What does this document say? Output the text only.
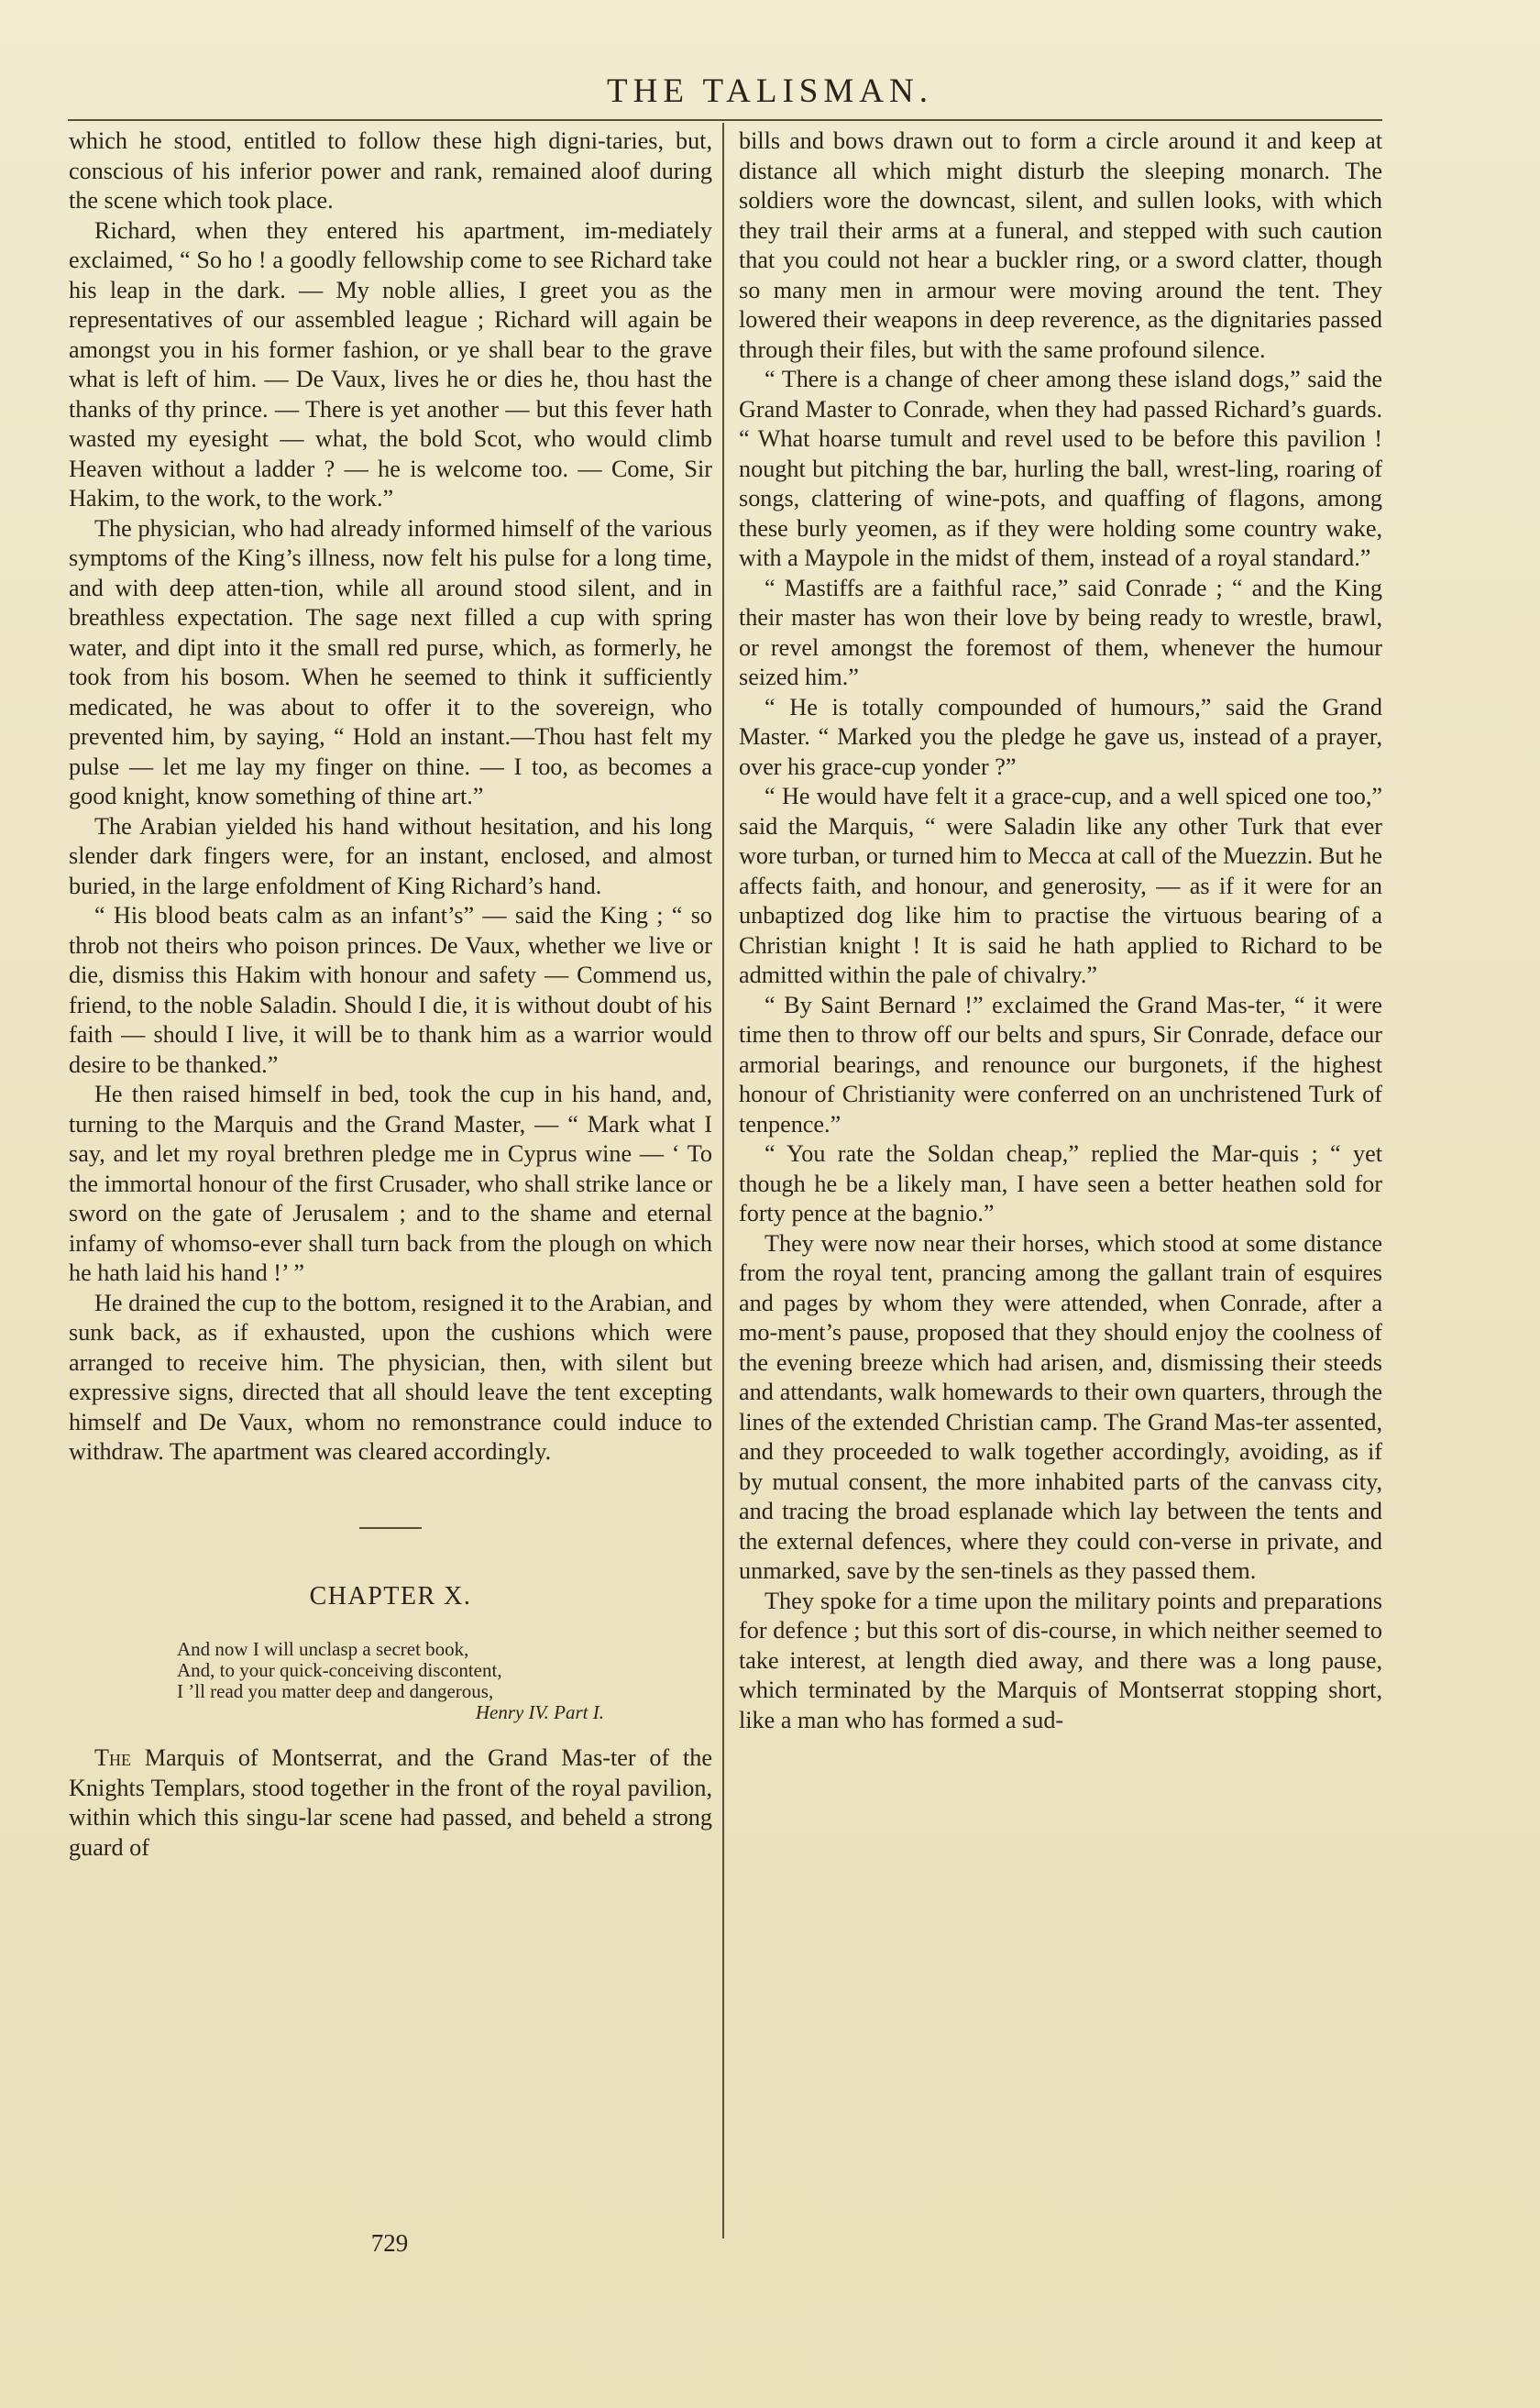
THE TALISMAN.

which he stood, entitled to follow these high digni-taries, but, conscious of his inferior power and rank, remained aloof during the scene which took place.

Richard, when they entered his apartment, im-mediately exclaimed, “ So ho ! a goodly fellowship come to see Richard take his leap in the dark. — My noble allies, I greet you as the representatives of our assembled league ; Richard will again be amongst you in his former fashion, or ye shall bear to the grave what is left of him. — De Vaux, lives he or dies he, thou hast the thanks of thy prince. — There is yet another — but this fever hath wasted my eyesight — what, the bold Scot, who would climb Heaven without a ladder ? — he is welcome too. — Come, Sir Hakim, to the work, to the work.”

The physician, who had already informed himself of the various symptoms of the King’s illness, now felt his pulse for a long time, and with deep atten-tion, while all around stood silent, and in breathless expectation. The sage next filled a cup with spring water, and dipt into it the small red purse, which, as formerly, he took from his bosom. When he seemed to think it sufficiently medicated, he was about to offer it to the sovereign, who prevented him, by saying, “ Hold an instant.—Thou hast felt my pulse — let me lay my finger on thine. — I too, as becomes a good knight, know something of thine art.”

The Arabian yielded his hand without hesitation, and his long slender dark fingers were, for an instant, enclosed, and almost buried, in the large enfoldment of King Richard’s hand.

“ His blood beats calm as an infant’s” — said the King ; “ so throb not theirs who poison princes. De Vaux, whether we live or die, dismiss this Hakim with honour and safety — Commend us, friend, to the noble Saladin. Should I die, it is without doubt of his faith — should I live, it will be to thank him as a warrior would desire to be thanked.”

He then raised himself in bed, took the cup in his hand, and, turning to the Marquis and the Grand Master, — “ Mark what I say, and let my royal brethren pledge me in Cyprus wine — ‘ To the immortal honour of the first Crusader, who shall strike lance or sword on the gate of Jerusalem ; and to the shame and eternal infamy of whomso-ever shall turn back from the plough on which he hath laid his hand !’ ”

He drained the cup to the bottom, resigned it to the Arabian, and sunk back, as if exhausted, upon the cushions which were arranged to receive him. The physician, then, with silent but expressive signs, directed that all should leave the tent excepting himself and De Vaux, whom no remonstrance could induce to withdraw. The apartment was cleared accordingly.

CHAPTER X.
And now I will unclasp a secret book,
And, to your quick-conceiving discontent,
I ’ll read you matter deep and dangerous,
Henry IV. Part I.

The Marquis of Montserrat, and the Grand Mas-ter of the Knights Templars, stood together in the front of the royal pavilion, within which this singu-lar scene had passed, and beheld a strong guard of

bills and bows drawn out to form a circle around it and keep at distance all which might disturb the sleeping monarch. The soldiers wore the downcast, silent, and sullen looks, with which they trail their arms at a funeral, and stepped with such caution that you could not hear a buckler ring, or a sword clatter, though so many men in armour were moving around the tent. They lowered their weapons in deep reverence, as the dignitaries passed through their files, but with the same profound silence.

“ There is a change of cheer among these island dogs,” said the Grand Master to Conrade, when they had passed Richard’s guards. “ What hoarse tumult and revel used to be before this pavilion ! nought but pitching the bar, hurling the ball, wrest-ling, roaring of songs, clattering of wine-pots, and quaffing of flagons, among these burly yeomen, as if they were holding some country wake, with a Maypole in the midst of them, instead of a royal standard.”

“ Mastiffs are a faithful race,” said Conrade ; “ and the King their master has won their love by being ready to wrestle, brawl, or revel amongst the foremost of them, whenever the humour seized him.”

“ He is totally compounded of humours,” said the Grand Master. “ Marked you the pledge he gave us, instead of a prayer, over his grace-cup yonder ?”

“ He would have felt it a grace-cup, and a well spiced one too,” said the Marquis, “ were Saladin like any other Turk that ever wore turban, or turned him to Mecca at call of the Muezzin. But he affects faith, and honour, and generosity, — as if it were for an unbaptized dog like him to practise the virtuous bearing of a Christian knight ! It is said he hath applied to Richard to be admitted within the pale of chivalry.”

“ By Saint Bernard !” exclaimed the Grand Mas-ter, “ it were time then to throw off our belts and spurs, Sir Conrade, deface our armorial bearings, and renounce our burgonets, if the highest honour of Christianity were conferred on an unchristened Turk of tenpence.”

“ You rate the Soldan cheap,” replied the Mar-quis ; “ yet though he be a likely man, I have seen a better heathen sold for forty pence at the bagnio.”

They were now near their horses, which stood at some distance from the royal tent, prancing among the gallant train of esquires and pages by whom they were attended, when Conrade, after a mo-ment’s pause, proposed that they should enjoy the coolness of the evening breeze which had arisen, and, dismissing their steeds and attendants, walk homewards to their own quarters, through the lines of the extended Christian camp. The Grand Mas-ter assented, and they proceeded to walk together accordingly, avoiding, as if by mutual consent, the more inhabited parts of the canvass city, and tracing the broad esplanade which lay between the tents and the external defences, where they could con-verse in private, and unmarked, save by the sen-tinels as they passed them.

They spoke for a time upon the military points and preparations for defence ; but this sort of dis-course, in which neither seemed to take interest, at length died away, and there was a long pause, which terminated by the Marquis of Montserrat stopping short, like a man who has formed a sud-

729
